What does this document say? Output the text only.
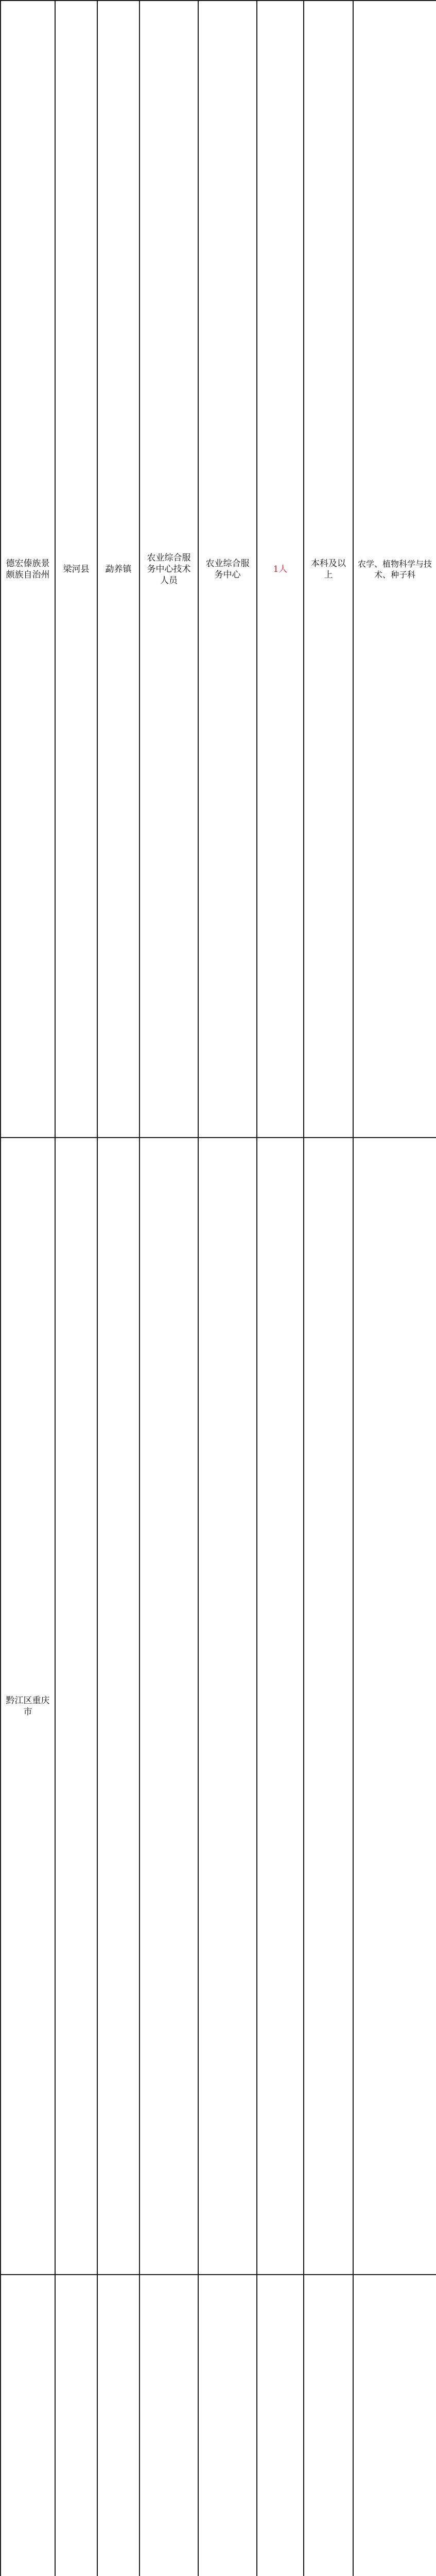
德宏傣族景颇族自治州	梁河县	勐养镇	农业综合服务中心技术人员	农业综合服务中心	1人	本科及以上	农学、植物科学与技术、种子科
黔江区重庆市							
